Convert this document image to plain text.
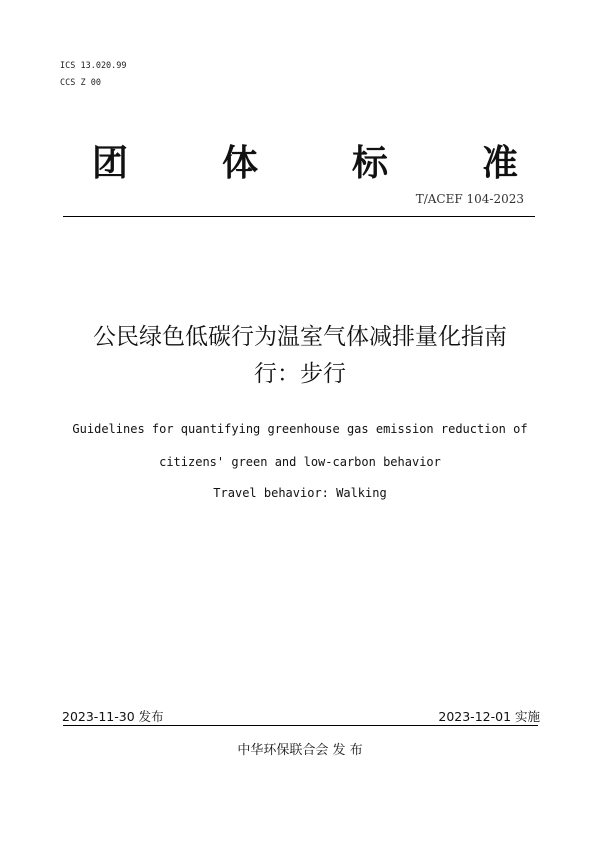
ICS 13.020.99
CCS Z 00
团	体	标	准
T/ACEF 104-2023
公民绿色低碳行为温室气体减排量化指南
行：步行
Guidelines for quantifying greenhouse gas emission reduction of
citizens' green and low-carbon behavior
Travel behavior: Walking
2023-11-30 发布	2023-12-01 实施
中华环保联合会 发 布
